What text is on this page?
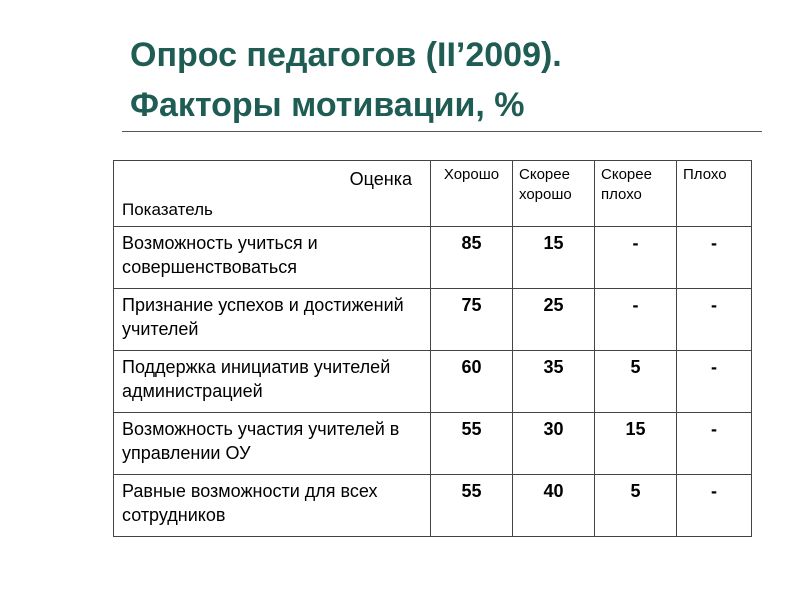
Опрос педагогов (II’2009).
Факторы мотивации, %
Оценка
Показатель	Хорошо	Скорее хорошо	Скорее плохо	Плохо
Возможность учиться и совершенствоваться	85	15	-	-
Признание успехов и достижений учителей	75	25	-	-
Поддержка инициатив учителей администрацией	60	35	5	-
Возможность участия учителей в управлении ОУ	55	30	15	-
Равные возможности для всех сотрудников	55	40	5	-
